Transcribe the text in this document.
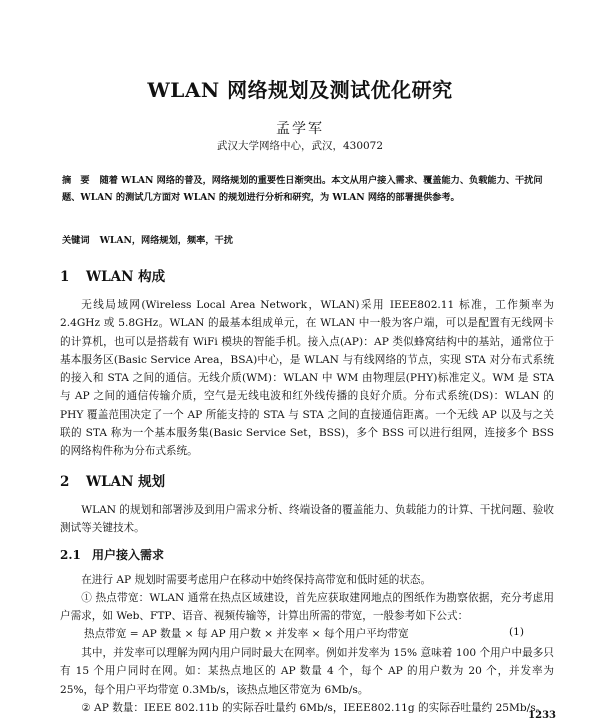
WLAN 网络规划及测试优化研究
孟学军
武汉大学网络中心，武汉，430072
摘　要 随着 WLAN 网络的普及，网络规划的重要性日渐突出。本文从用户接入需求、覆盖能力、负载能力、干扰问题、WLAN 的测试几方面对 WLAN 的规划进行分析和研究，为 WLAN 网络的部署提供参考。
关键词 WLAN，网络规划，频率，干扰
1 WLAN 构成
无线局域网(Wireless Local Area Network，WLAN)采用 IEEE802.11 标准，工作频率为 2.4GHz 或 5.8GHz。WLAN 的最基本组成单元，在 WLAN 中一般为客户端，可以是配置有无线网卡的计算机，也可以是搭载有 WiFi 模块的智能手机。接入点(AP)：AP 类似蜂窝结构中的基站，通常位于基本服务区(Basic Service Area，BSA)中心，是 WLAN 与有线网络的节点，实现 STA 对分布式系统的接入和 STA 之间的通信。无线介质(WM)：WLAN 中 WM 由物理层(PHY)标准定义。WM 是 STA 与 AP 之间的通信传输介质，空气是无线电波和红外线传播的良好介质。分布式系统(DS)：WLAN 的 PHY 覆盖范围决定了一个 AP 所能支持的 STA 与 STA 之间的直接通信距离。一个无线 AP 以及与之关联的 STA 称为一个基本服务集(Basic Service Set，BSS)，多个 BSS 可以进行组网，连接多个 BSS 的网络构件称为分布式系统。
2 WLAN 规划
WLAN 的规划和部署涉及到用户需求分析、终端设备的覆盖能力、负载能力的计算、干扰问题、验收测试等关键技术。
2.1 用户接入需求
在进行 AP 规划时需要考虑用户在移动中始终保持高带宽和低时延的状态。
① 热点带宽：WLAN 通常在热点区域建设，首先应获取建网地点的图纸作为勘察依据，充分考虑用户需求，如 Web、FTP、语音、视频传输等，计算出所需的带宽，一般参考如下公式：
热点带宽 = AP 数量 × 每 AP 用户数 × 并发率 × 每个用户平均带宽	(1)
其中，并发率可以理解为网内用户同时最大在网率。例如并发率为 15% 意味着 100 个用户中最多只有 15 个用户同时在网。如：某热点地区的 AP 数量 4 个，每个 AP 的用户数为 20 个，并发率为 25%，每个用户平均带宽 0.3Mb/s，该热点地区带宽为 6Mb/s。
② AP 数量：IEEE 802.11b 的实际吞吐量约 6Mb/s，IEEE802.11g 的实际吞吐量约 25Mb/s。
1233
